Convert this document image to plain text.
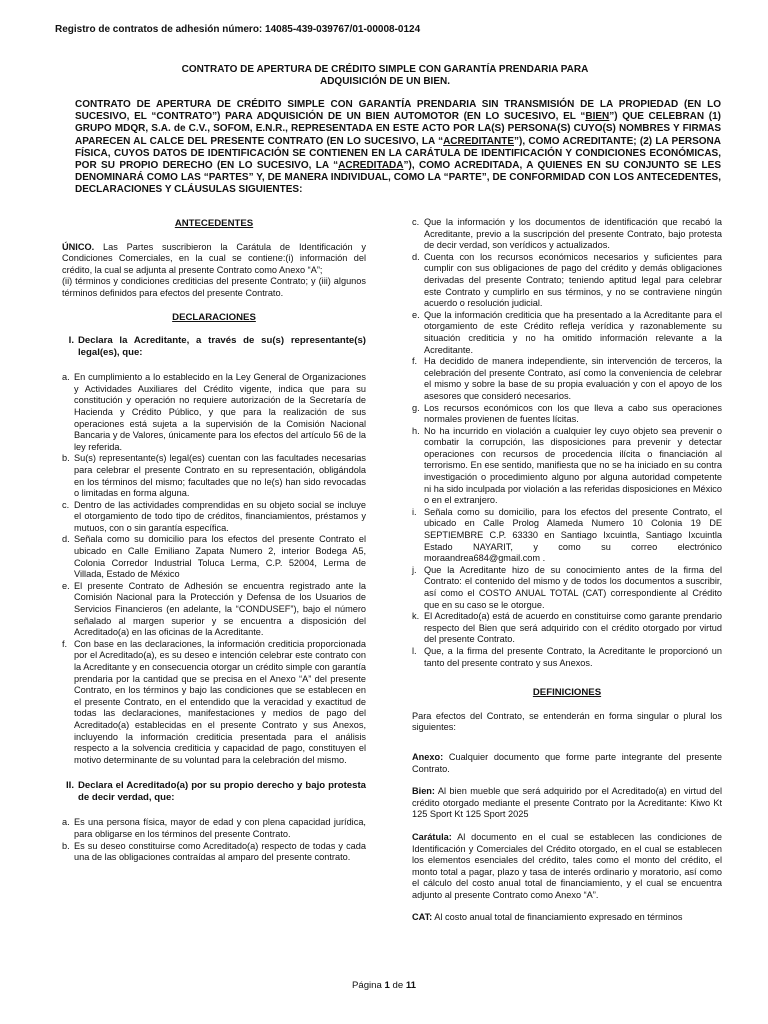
Registro de contratos de adhesión número: 14085-439-039767/01-00008-0124
CONTRATO DE APERTURA DE CRÉDITO SIMPLE CON GARANTÍA PRENDARIA PARA
ADQUISICIÓN DE UN BIEN.
CONTRATO DE APERTURA DE CRÉDITO SIMPLE CON GARANTÍA PRENDARIA SIN TRANSMISIÓN DE LA PROPIEDAD (EN LO SUCESIVO, EL “CONTRATO”) PARA ADQUISICIÓN DE UN BIEN AUTOMOTOR (EN LO SUCESIVO, EL “BIEN”) QUE CELEBRAN (1) GRUPO MDQR, S.A. de C.V., SOFOM, E.N.R., REPRESENTADA EN ESTE ACTO POR LA(S) PERSONA(S) CUYO(S) NOMBRES Y FIRMAS APARECEN AL CALCE DEL PRESENTE CONTRATO (EN LO SUCESIVO, LA “ACREDITANTE”), COMO ACREDITANTE; (2) LA PERSONA FÍSICA, CUYOS DATOS DE IDENTIFICACIÓN SE CONTIENEN EN LA CARÁTULA DE IDENTIFICACIÓN Y CONDICIONES ECONÓMICAS, POR SU PROPIO DERECHO (EN LO SUCESIVO, LA “ACREDITADA”), COMO ACREDITADA, A QUIENES EN SU CONJUNTO SE LES DENOMINARÁ COMO LAS “PARTES” Y, DE MANERA INDIVIDUAL, COMO LA “PARTE”, DE CONFORMIDAD CON LOS ANTECEDENTES, DECLARACIONES Y CLÁUSULAS SIGUIENTES:
ANTECEDENTES

ÚNICO. Las Partes suscribieron la Carátula de Identificación y Condiciones Comerciales, en la cual se contiene:(i) información del crédito, la cual se adjunta al presente Contrato como Anexo “A”;

(ii) términos y condiciones crediticias del presente Contrato; y (iii) algunos términos definidos para efectos del presente Contrato.

DECLARACIONES
I. Declara la Acreditante, a través de su(s) representante(s) legal(es), que:
a. En cumplimiento a lo establecido en la Ley General de Organizaciones y Actividades Auxiliares del Crédito vigente, indica que para su constitución y operación no requiere autorización de la Secretaría de Hacienda y Crédito Público, y que para la realización de sus operaciones está sujeta a la supervisión de la Comisión Nacional Bancaria y de Valores, únicamente para los efectos del artículo 56 de la ley referida.
b. Su(s) representante(s) legal(es) cuentan con las facultades necesarias para celebrar el presente Contrato en su representación, obligándola en los términos del mismo; facultades que no le(s) han sido revocadas o limitadas en forma alguna.
c. Dentro de las actividades comprendidas en su objeto social se incluye el otorgamiento de todo tipo de créditos, financiamientos, préstamos y mutuos, con o sin garantía específica.
d. Señala como su domicilio para los efectos del presente Contrato el ubicado en Calle Emiliano Zapata Numero 2, interior Bodega A5, Colonia Corredor Industrial Toluca Lerma, C.P. 52004, Lerma de Villada, Estado de México
e. El presente Contrato de Adhesión se encuentra registrado ante la Comisión Nacional para la Protección y Defensa de los Usuarios de Servicios Financieros (en adelante, la “CONDUSEF”), bajo el número señalado al margen superior y se encuentra a disposición del Acreditado(a) en las oficinas de la Acreditante.
f. Con base en las declaraciones, la información crediticia proporcionada por el Acreditado(a), es su deseo e intención celebrar este contrato con la Acreditante y en consecuencia otorgar un crédito simple con garantía prendaria por la cantidad que se precisa en el Anexo “A” del presente Contrato, en los términos y bajo las condiciones que se establecen en el presente Contrato, en el entendido que la veracidad y exactitud de todas las declaraciones, manifestaciones y medios de pago del Acreditado(a) establecidas en el presente Contrato y sus Anexos, incluyendo la información crediticia presentada para el análisis respecto a la solvencia crediticia y capacidad de pago, constituyen el motivo determinante de su voluntad para la celebración del mismo.
II. Declara el Acreditado(a) por su propio derecho y bajo protesta de decir verdad, que:
a. Es una persona física, mayor de edad y con plena capacidad jurídica, para obligarse en los términos del presente Contrato.
b. Es su deseo constituirse como Acreditado(a) respecto de todas y cada una de las obligaciones contraídas al amparo del presente contrato.
c. Que la información y los documentos de identificación que recabó la Acreditante, previo a la suscripción del presente Contrato, bajo protesta de decir verdad, son verídicos y actualizados.
d. Cuenta con los recursos económicos necesarios y suficientes para cumplir con sus obligaciones de pago del crédito y demás obligaciones derivadas del presente Contrato; teniendo aptitud legal para celebrar este Contrato y cumplirlo en sus términos, y no se contraviene ningún acuerdo o resolución judicial.
e. Que la información crediticia que ha presentado a la Acreditante para el otorgamiento de este Crédito refleja verídica y razonablemente su situación crediticia y no ha omitido información relevante a la Acreditante.
f. Ha decidido de manera independiente, sin intervención de terceros, la celebración del presente Contrato, así como la conveniencia de celebrar el mismo y sobre la base de su propia evaluación y con el apoyo de los asesores que consideró necesarios.
g. Los recursos económicos con los que lleva a cabo sus operaciones normales provienen de fuentes lícitas.
h. No ha incurrido en violación a cualquier ley cuyo objeto sea prevenir o combatir la corrupción, las disposiciones para prevenir y detectar operaciones con recursos de procedencia ilícita o financiación al terrorismo. En ese sentido, manifiesta que no se ha iniciado en su contra investigación o procedimiento alguno por alguna autoridad competente ni ha sido inculpada por violación a las referidas disposiciones en México o en el extranjero.
i. Señala como su domicilio, para los efectos del presente Contrato, el ubicado en Calle Prolog Alameda Numero 10 Colonia 19 DE SEPTIEMBRE C.P. 63330 en Santiago Ixcuintla, Santiago Ixcuintla Estado NAYARIT, y como su correo electrónico moraandrea684@gmail.com .
j. Que la Acreditante hizo de su conocimiento antes de la firma del Contrato: el contenido del mismo y de todos los documentos a suscribir, así como el COSTO ANUAL TOTAL (CAT) correspondiente al Crédito que en su caso se le otorgue.
k. El Acreditado(a) está de acuerdo en constituirse como garante prendario respecto del Bien que será adquirido con el crédito otorgado por virtud del presente Contrato.
l. Que, a la firma del presente Contrato, la Acreditante le proporcionó un tanto del presente contrato y sus Anexos.
DEFINICIONES

Para efectos del Contrato, se entenderán en forma singular o plural los siguientes:

Anexo: Cualquier documento que forme parte integrante del presente Contrato.

Bien: Al bien mueble que será adquirido por el Acreditado(a) en virtud del crédito otorgado mediante el presente Contrato por la Acreditante: Kiwo Kt 125 Sport Kt 125 Sport 2025

Carátula: Al documento en el cual se establecen las condiciones de Identificación y Comerciales del Crédito otorgado, en el cual se establecen los elementos esenciales del crédito, tales como el monto del crédito, el monto total a pagar, plazo y tasa de interés ordinario y moratorio, así como el cálculo del costo anual total de financiamiento, y el cual se encuentra adjunto al presente Contrato como Anexo “A”.

CAT: Al costo anual total de financiamiento expresado en términos

Página 1 de 11
